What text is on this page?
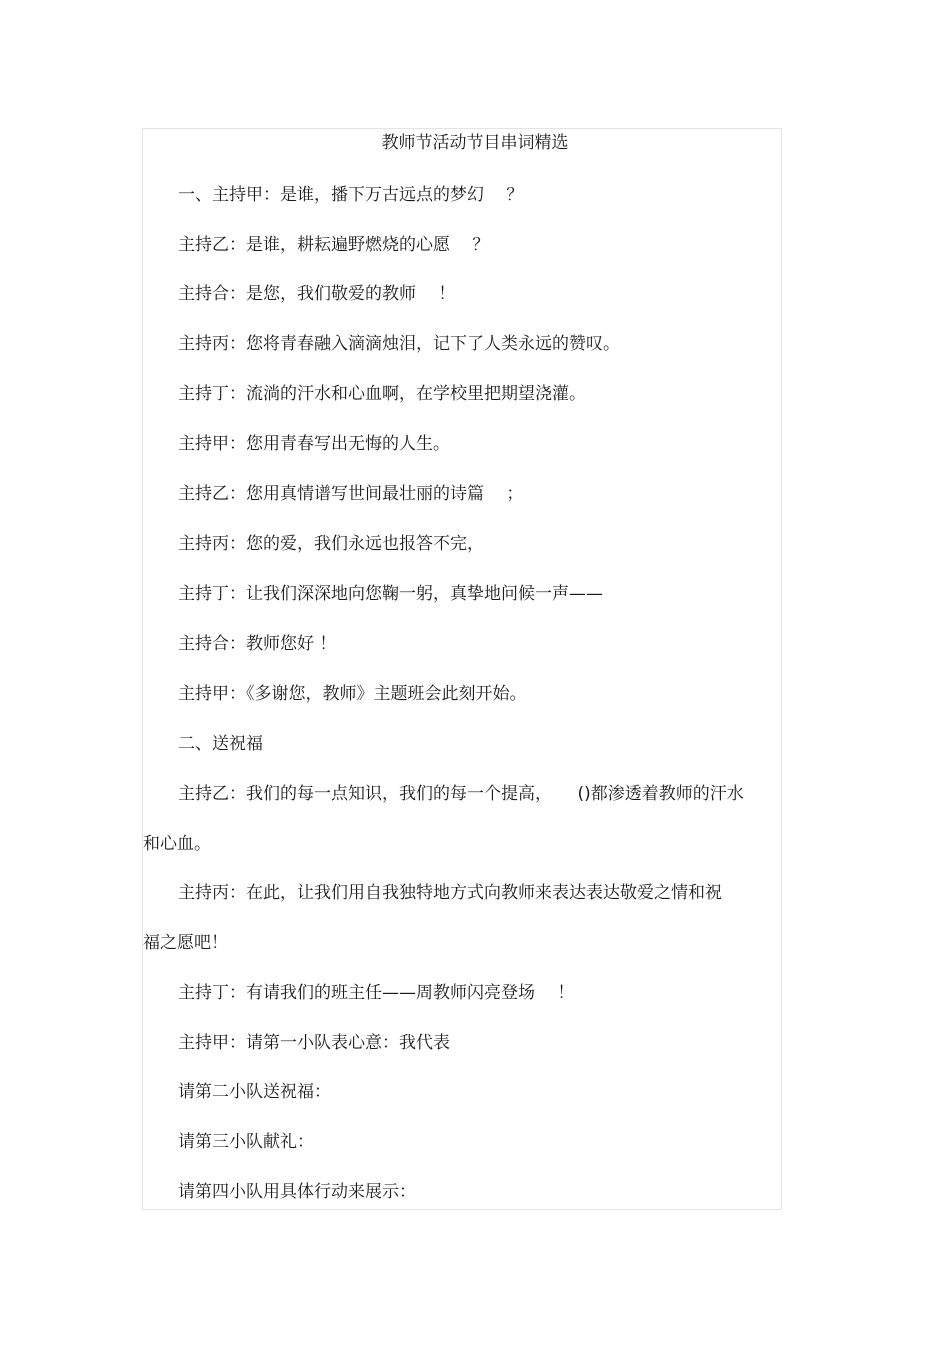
教师节活动节目串词精选
一、主持甲：是谁，播下万古远点的梦幻　 ？
主持乙：是谁，耕耘遍野燃烧的心愿　 ？
主持合：是您，我们敬爱的教师　 ！
主持丙：您将青春融入滴滴烛泪，记下了人类永远的赞叹。
主持丁：流淌的汗水和心血啊，在学校里把期望浇灌。
主持甲：您用青春写出无悔的人生。
主持乙：您用真情谱写世间最壮丽的诗篇　 ；
主持丙：您的爱，我们永远也报答不完，
主持丁：让我们深深地向您鞠一躬，真挚地问候一声——
主持合：教师您好 ！
主持甲：《多谢您，教师》主题班会此刻开始。
二、送祝福
主持乙：我们的每一点知识，我们的每一个提高，　　()都渗透着教师的汗水
和心血。
主持丙：在此，让我们用自我独特地方式向教师来表达表达敬爱之情和祝
福之愿吧！
主持丁：有请我们的班主任——周教师闪亮登场　 ！
主持甲：请第一小队表心意：我代表
请第二小队送祝福：
请第三小队献礼：
请第四小队用具体行动来展示：
